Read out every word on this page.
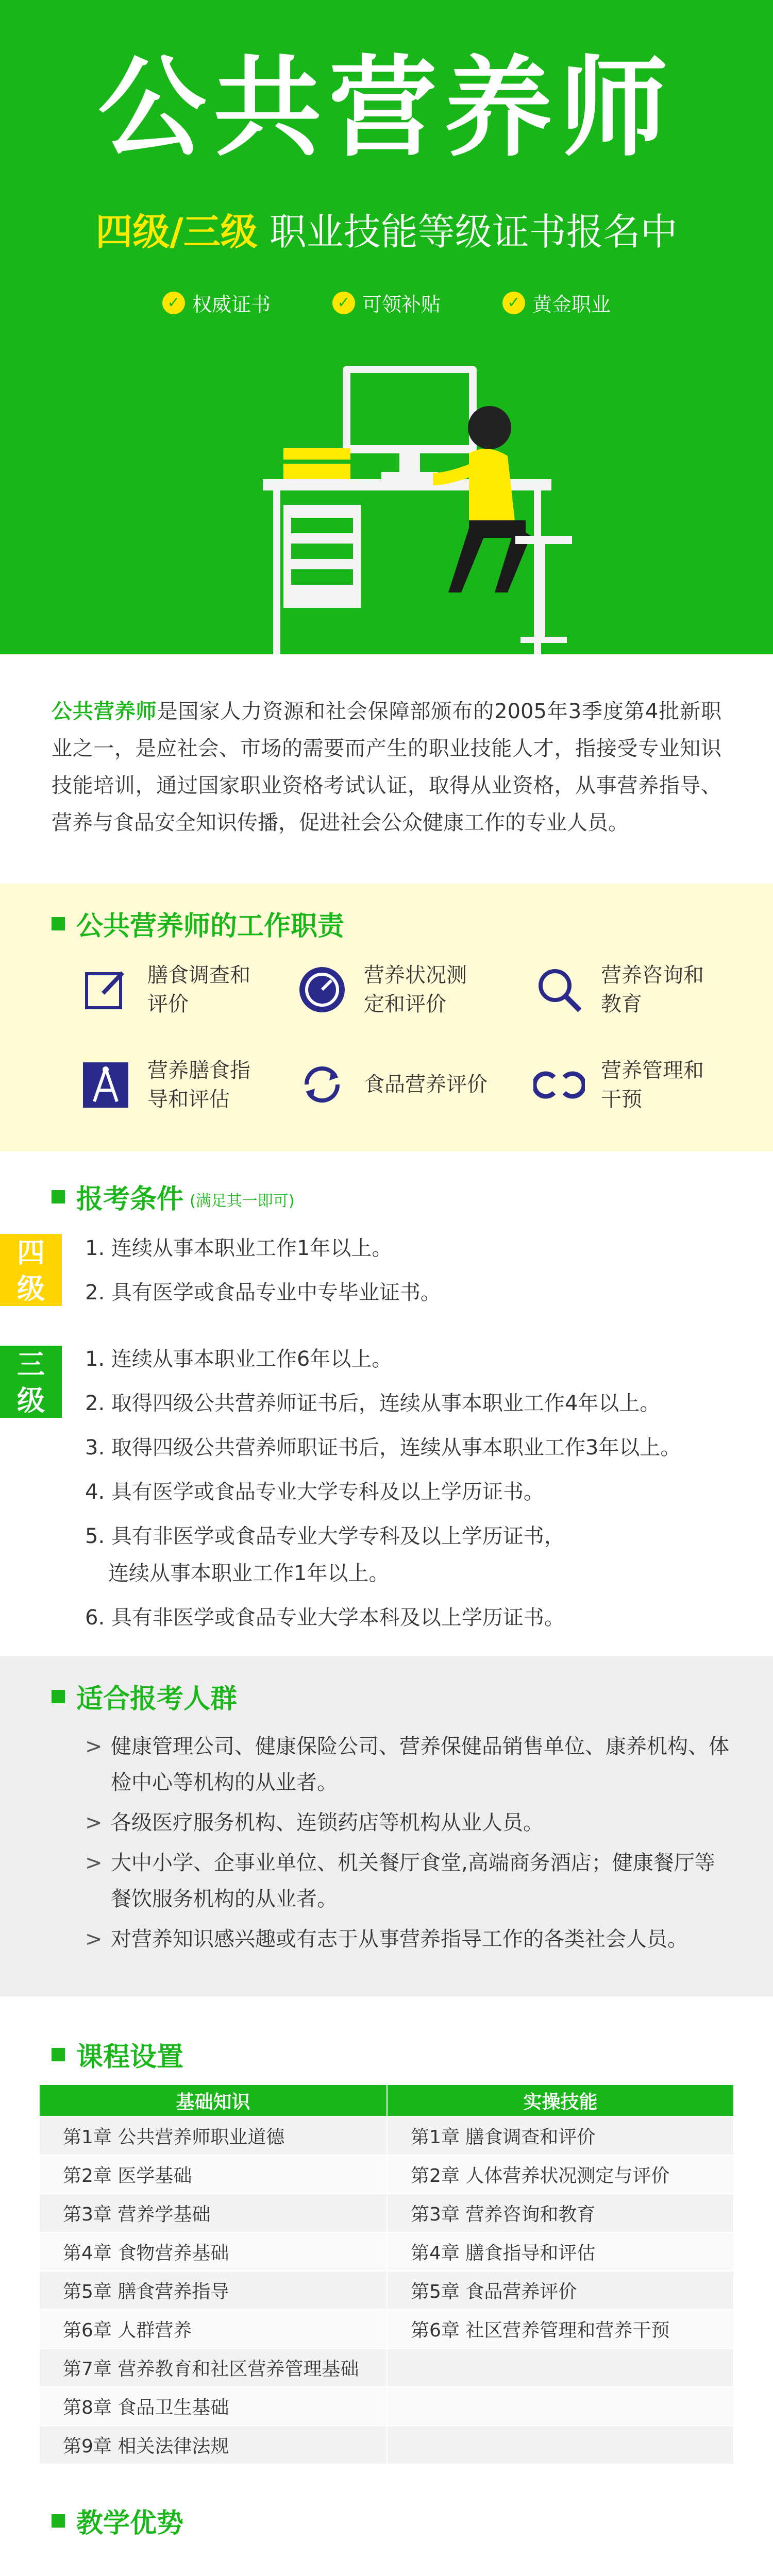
公共营养师
四级/三级 职业技能等级证书报名中
✓ 权威证书	✓ 可领补贴	✓ 黄金职业

公共营养师是国家人力资源和社会保障部颁布的2005年3季度第4批新职业之一，是应社会、市场的需要而产生的职业技能人才，指接受专业知识技能培训，通过国家职业资格考试认证，取得从业资格，从事营养指导、营养与食品安全知识传播，促进社会公众健康工作的专业人员。

公共营养师的工作职责
膳食调查和评价
营养状况测定和评价
营养咨询和教育
营养膳食指导和评估
食品营养评价
营养管理和干预
报考条件 (满足其一即可)
四级
1. 连续从事本职业工作1年以上。
2. 具有医学或食品专业中专毕业证书。
三级
1. 连续从事本职业工作6年以上。
2. 取得四级公共营养师证书后，连续从事本职业工作4年以上。
3. 取得四级公共营养师职证书后，连续从事本职业工作3年以上。
4. 具有医学或食品专业大学专科及以上学历证书。
5. 具有非医学或食品专业大学专科及以上学历证书，
连续从事本职业工作1年以上。
6. 具有非医学或食品专业大学本科及以上学历证书。
适合报考人群
> 健康管理公司、健康保险公司、营养保健品销售单位、康养机构、体检中心等机构的从业者。
> 各级医疗服务机构、连锁药店等机构从业人员。
> 大中小学、企事业单位、机关餐厅食堂,高端商务酒店；健康餐厅等餐饮服务机构的从业者。
> 对营养知识感兴趣或有志于从事营养指导工作的各类社会人员。
课程设置
基础知识	实操技能
第1章 公共营养师职业道德	第1章 膳食调查和评价
第2章 医学基础	第2章 人体营养状况测定与评价
第3章 营养学基础	第3章 营养咨询和教育
第4章 食物营养基础	第4章 膳食指导和评估
第5章 膳食营养指导	第5章 食品营养评价
第6章 人群营养	第6章 社区营养管理和营养干预
第7章 营养教育和社区营养管理基础	
第8章 食品卫生基础	
第9章 相关法律法规	
教学优势
